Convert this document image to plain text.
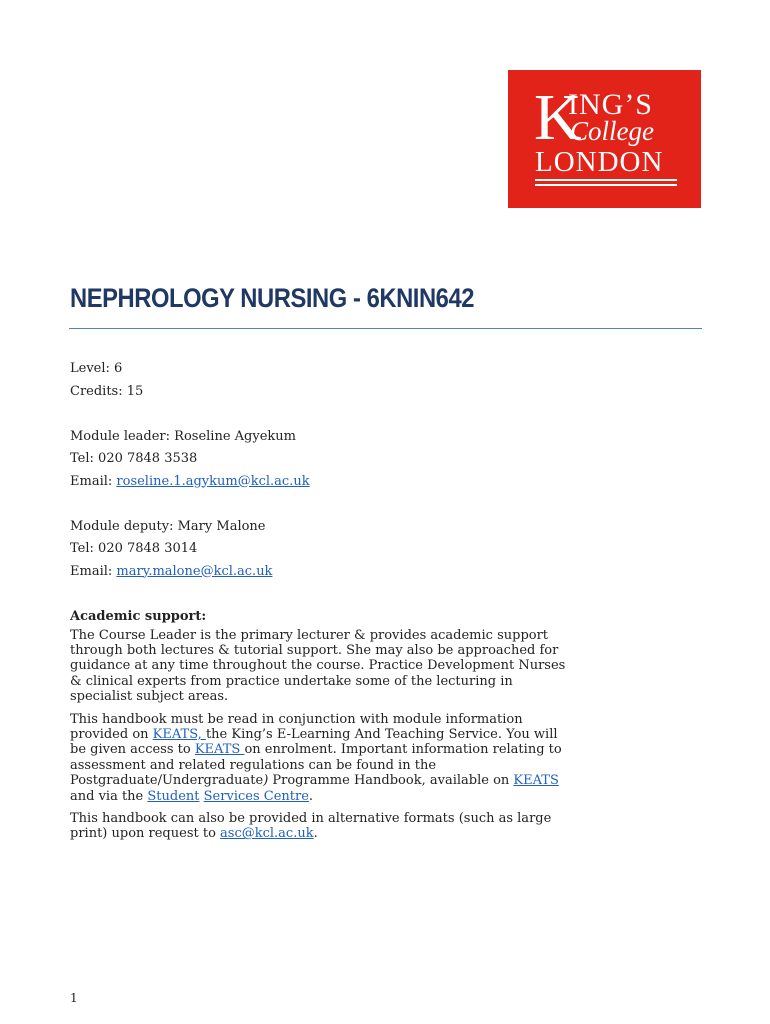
K
ING’S
College
LONDON
NEPHROLOGY NURSING - 6KNIN642
Level: 6
Credits: 15
Module leader: Roseline Agyekum
Tel: 020 7848 3538
Email: roseline.1.agykum@kcl.ac.uk
Module deputy: Mary Malone
Tel: 020 7848 3014
Email: mary.malone@kcl.ac.uk
Academic support:

The Course Leader is the primary lecturer & provides academic support through both lectures & tutorial support. She may also be approached for guidance at any time throughout the course. Practice Development Nurses & clinical experts from practice undertake some of the lecturing in specialist subject areas.

This handbook must be read in conjunction with module information provided on KEATS, the King’s E-Learning And Teaching Service. You will be given access to KEATS on enrolment. Important information relating to assessment and related regulations can be found in the Postgraduate/Undergraduate) Programme Handbook, available on KEATS and via the Student Services Centre.

This handbook can also be provided in alternative formats (such as large print) upon request to asc@kcl.ac.uk.

1
